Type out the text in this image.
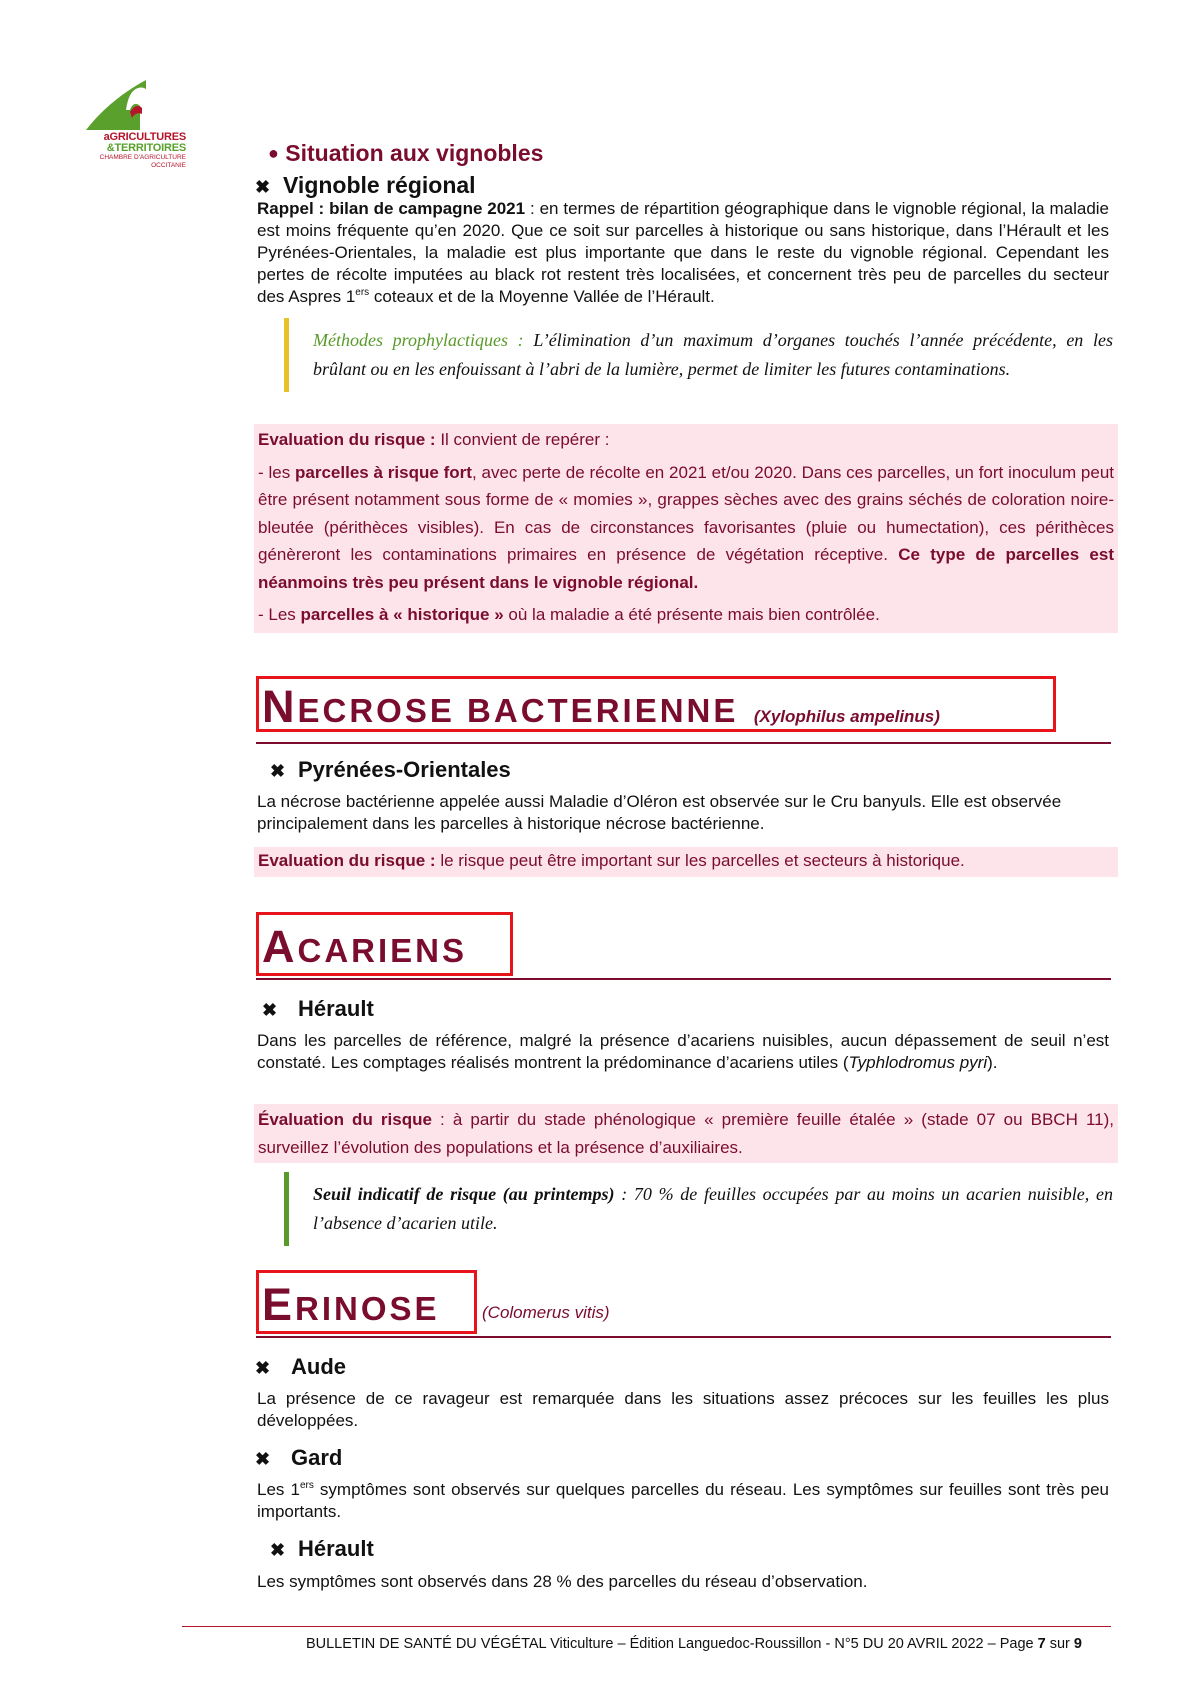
aGRICULTURES
&TERRITOIRES
CHAMBRE D'AGRICULTURE
OCCITANIE
● Situation aux vignobles
✖ Vignoble régional
Rappel : bilan de campagne 2021 : en termes de répartition géographique dans le vignoble régional, la maladie est moins fréquente qu’en 2020. Que ce soit sur parcelles à historique ou sans historique, dans l’Hérault et les Pyrénées-Orientales, la maladie est plus importante que dans le reste du vignoble régional. Cependant les pertes de récolte imputées au black rot restent très localisées, et concernent très peu de parcelles du secteur des Aspres 1ers coteaux et de la Moyenne Vallée de l’Hérault.
Méthodes prophylactiques : L’élimination d’un maximum d’organes touchés l’année précédente, en les brûlant ou en les enfouissant à l’abri de la lumière, permet de limiter les futures contaminations.

Evaluation du risque : Il convient de repérer :

- les parcelles à risque fort, avec perte de récolte en 2021 et/ou 2020. Dans ces parcelles, un fort inoculum peut être présent notamment sous forme de « momies », grappes sèches avec des grains séchés de coloration noire-bleutée (périthèces visibles). En cas de circonstances favorisantes (pluie ou humectation), ces périthèces génèreront les contaminations primaires en présence de végétation réceptive. Ce type de parcelles est néanmoins très peu présent dans le vignoble régional.

- Les parcelles à « historique » où la maladie a été présente mais bien contrôlée.

NECROSE BACTERIENNE (Xylophilus ampelinus)
✖ Pyrénées-Orientales
La nécrose bactérienne appelée aussi Maladie d’Oléron est observée sur le Cru banyuls. Elle est observée principalement dans les parcelles à historique nécrose bactérienne.
Evaluation du risque : le risque peut être important sur les parcelles et secteurs à historique.
ACARIENS
✖ Hérault
Dans les parcelles de référence, malgré la présence d’acariens nuisibles, aucun dépassement de seuil n’est constaté. Les comptages réalisés montrent la prédominance d’acariens utiles (Typhlodromus pyri).
Évaluation du risque : à partir du stade phénologique « première feuille étalée » (stade 07 ou BBCH 11), surveillez l’évolution des populations et la présence d’auxiliaires.
Seuil indicatif de risque (au printemps) : 70 % de feuilles occupées par au moins un acarien nuisible, en l’absence d’acarien utile.
ERINOSE	(Colomerus vitis)
✖ Aude
La présence de ce ravageur est remarquée dans les situations assez précoces sur les feuilles les plus développées.
✖ Gard
Les 1ers symptômes sont observés sur quelques parcelles du réseau. Les symptômes sur feuilles sont très peu importants.
✖ Hérault
Les symptômes sont observés dans 28 % des parcelles du réseau d’observation.
BULLETIN DE SANTÉ DU VÉGÉTAL Viticulture – Édition Languedoc-Roussillon - N°5 DU 20 AVRIL 2022 – Page 7 sur 9
